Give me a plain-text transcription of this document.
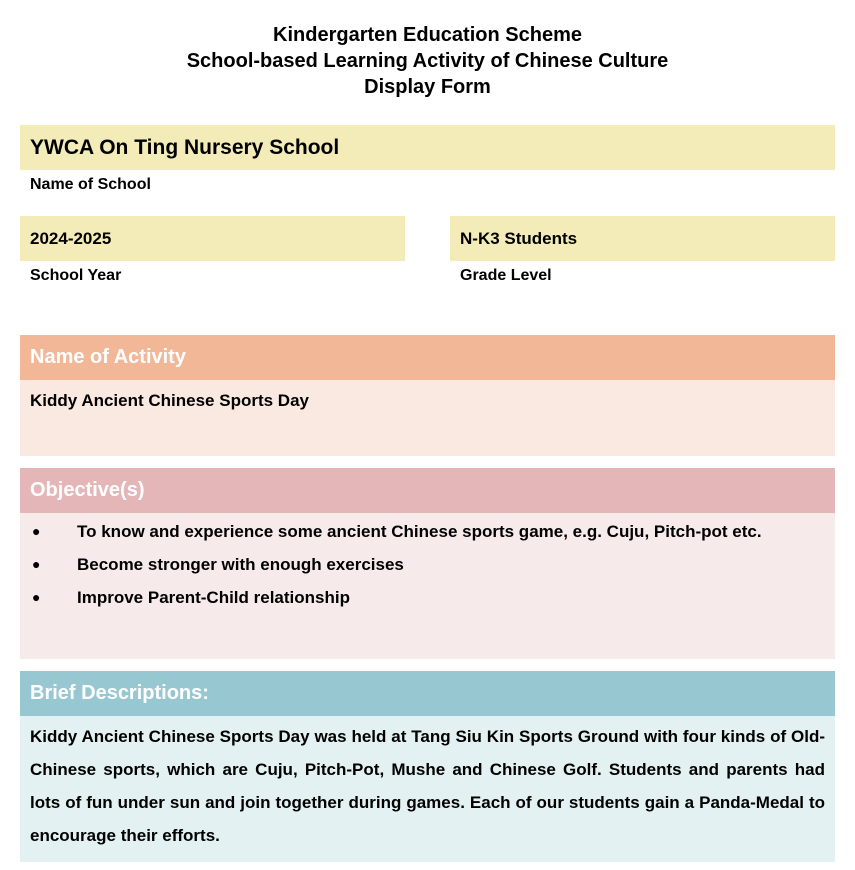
Kindergarten Education Scheme
School-based Learning Activity of Chinese Culture
Display Form
YWCA On Ting Nursery School
Name of School
2024-2025
School Year
N-K3 Students
Grade Level
Name of Activity
Kiddy Ancient Chinese Sports Day
Objective(s)
● To know and experience some ancient Chinese sports game, e.g. Cuju, Pitch-pot etc.
● Become stronger with enough exercises
● Improve Parent-Child relationship
Brief Descriptions:
Kiddy Ancient Chinese Sports Day was held at Tang Siu Kin Sports Ground with four kinds of Old-Chinese sports, which are Cuju, Pitch-Pot, Mushe and Chinese Golf. Students and parents had lots of fun under sun and join together during games. Each of our students gain a Panda-Medal to encourage their efforts.
